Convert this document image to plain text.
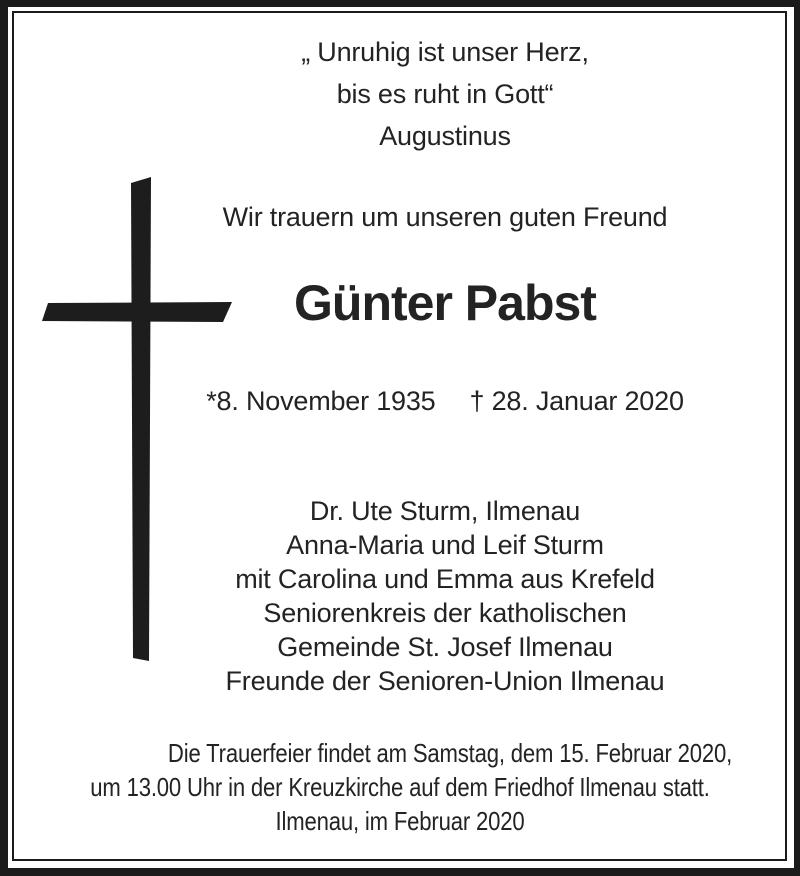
„ Unruhig ist unser Herz,
bis es ruht in Gott“
Augustinus
Wir trauern um unseren guten Freund
Günter Pabst
*8. November 1935 † 28. Januar 2020
Dr. Ute Sturm, Ilmenau
Anna-Maria und Leif Sturm
mit Carolina und Emma aus Krefeld
Seniorenkreis der katholischen
Gemeinde St. Josef Ilmenau
Freunde der Senioren-Union Ilmenau
Die Trauerfeier findet am Samstag, dem 15. Februar 2020,
um 13.00 Uhr in der Kreuzkirche auf dem Friedhof Ilmenau statt.
Ilmenau, im Februar 2020
